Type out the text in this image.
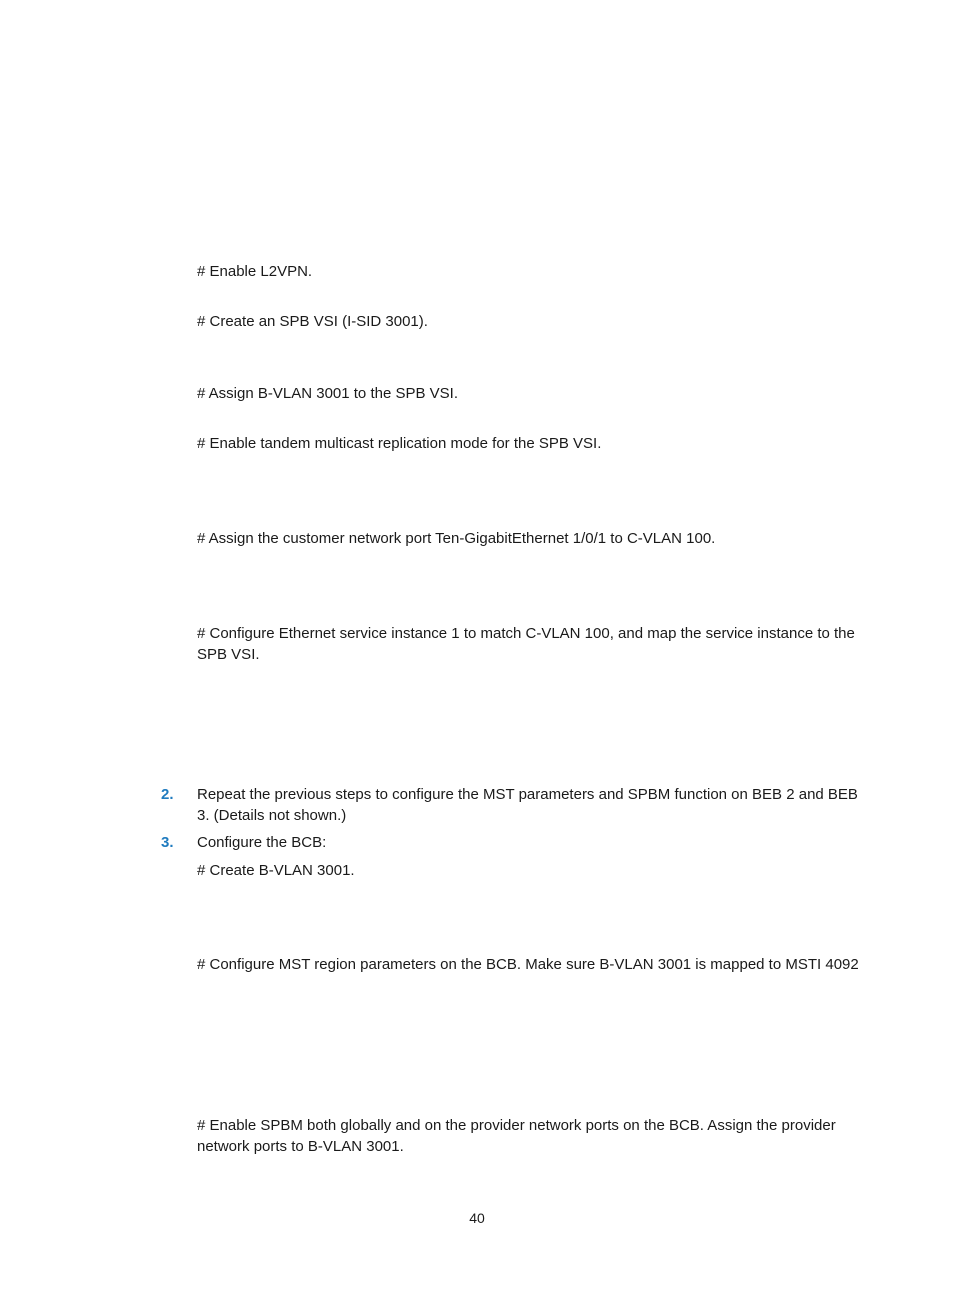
# Enable L2VPN.
# Create an SPB VSI (I-SID 3001).
# Assign B-VLAN 3001 to the SPB VSI.
# Enable tandem multicast replication mode for the SPB VSI.
# Assign the customer network port Ten-GigabitEthernet 1/0/1 to C-VLAN 100.
# Configure Ethernet service instance 1 to match C-VLAN 100, and map the service instance to the SPB VSI.
2. Repeat the previous steps to configure the MST parameters and SPBM function on BEB 2 and BEB 3. (Details not shown.)
3. Configure the BCB:
# Create B-VLAN 3001.
# Configure MST region parameters on the BCB. Make sure B-VLAN 3001 is mapped to MSTI 4092
# Enable SPBM both globally and on the provider network ports on the BCB. Assign the provider network ports to B-VLAN 3001.
40
